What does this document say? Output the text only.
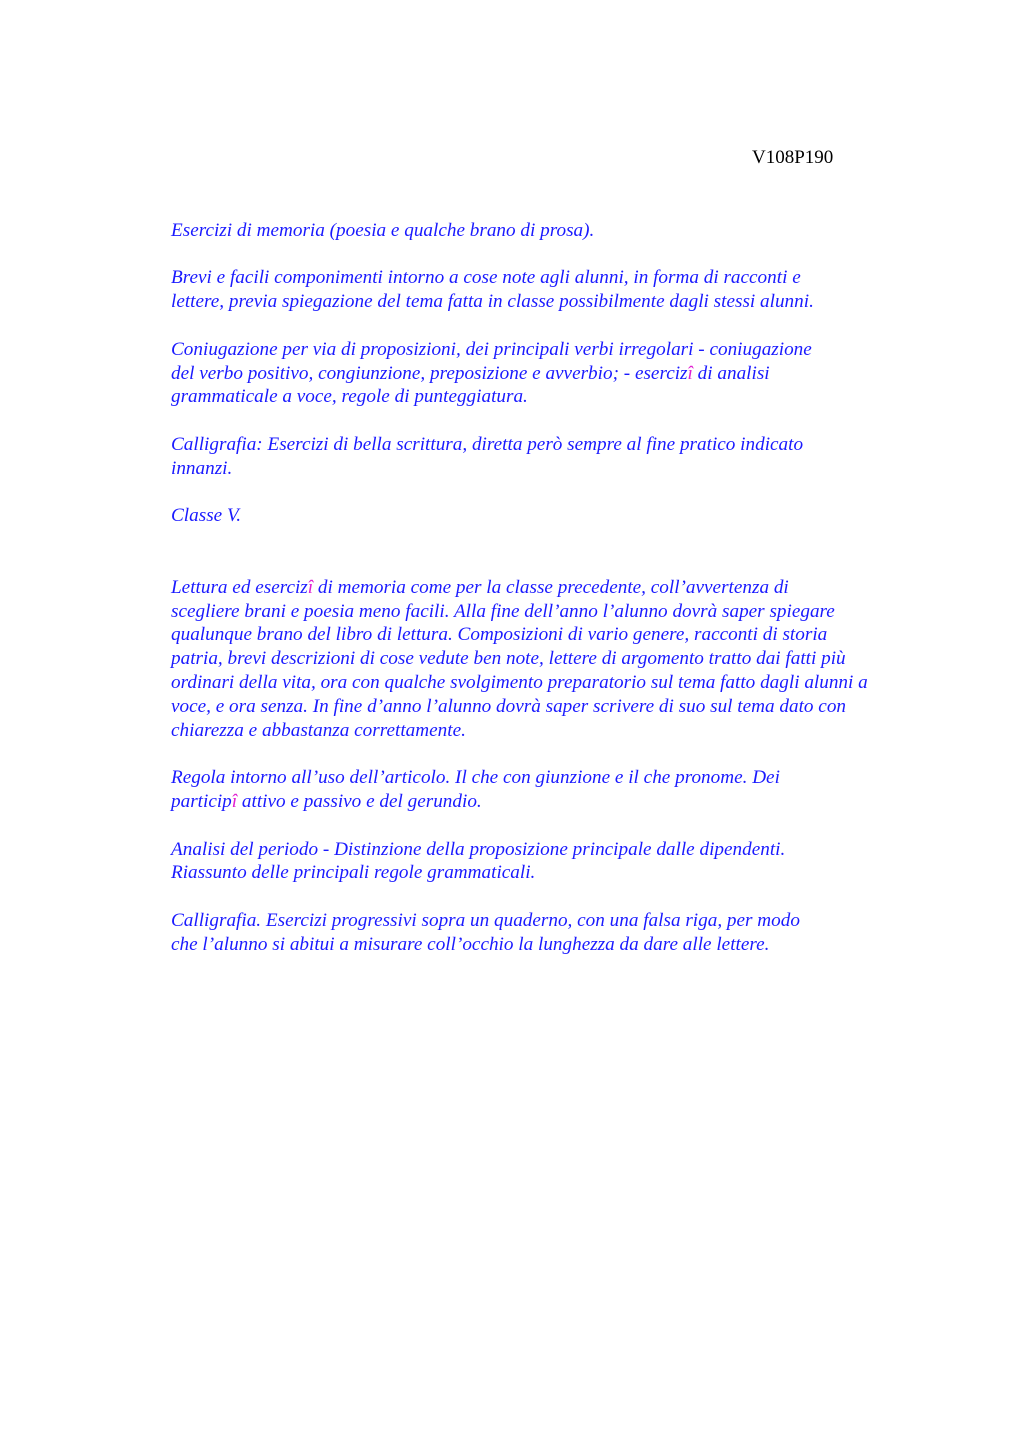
V108P190

Esercizi di memoria (poesia e qualche brano di prosa).

Brevi e facili componimenti intorno a cose note agli alunni, in forma di racconti e
lettere, previa spiegazione del tema fatta in classe possibilmente dagli stessi alunni.

Coniugazione per via di proposizioni, dei principali verbi irregolari - coniugazione
del verbo positivo, congiunzione, preposizione e avverbio; - esercizî di analisi
grammaticale a voce, regole di punteggiatura.

Calligrafia: Esercizi di bella scrittura, diretta però sempre al fine pratico indicato
innanzi.

Classe V.

Lettura ed esercizî di memoria come per la classe precedente, coll’avvertenza di
scegliere brani e poesia meno facili. Alla fine dell’anno l’alunno dovrà saper spiegare
qualunque brano del libro di lettura. Composizioni di vario genere, racconti di storia
patria, brevi descrizioni di cose vedute ben note, lettere di argomento tratto dai fatti più
ordinari della vita, ora con qualche svolgimento preparatorio sul tema fatto dagli alunni a
voce, e ora senza. In fine d’anno l’alunno dovrà saper scrivere di suo sul tema dato con
chiarezza e abbastanza correttamente.

Regola intorno all’uso dell’articolo. Il che con giunzione e il che pronome. Dei
participî attivo e passivo e del gerundio.

Analisi del periodo - Distinzione della proposizione principale dalle dipendenti.
Riassunto delle principali regole grammaticali.

Calligrafia. Esercizi progressivi sopra un quaderno, con una falsa riga, per modo
che l’alunno si abitui a misurare coll’occhio la lunghezza da dare alle lettere.
